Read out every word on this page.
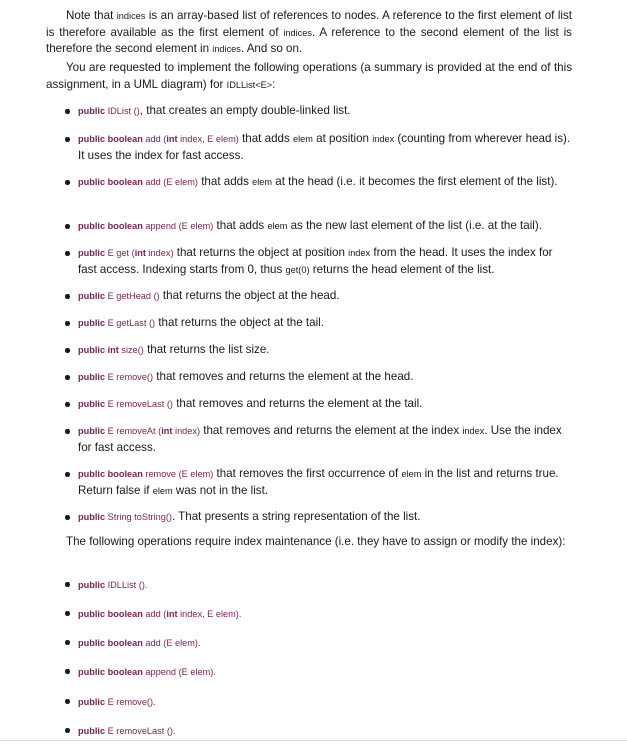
Note that indices is an array-based list of references to nodes. A reference to the first element of list is therefore available as the first element of indices. A reference to the second element of the list is therefore the second element in indices. And so on.
You are requested to implement the following operations (a summary is provided at the end of this assignment, in a UML diagram) for IDLList<E>:
public IDList (), that creates an empty double-linked list.
public boolean add (int index, E elem) that adds elem at position index (counting from wherever head is). It uses the index for fast access.
public boolean add (E elem) that adds elem at the head (i.e. it becomes the first element of the list).
public boolean append (E elem) that adds elem as the new last element of the list (i.e. at the tail).
public E get (int index) that returns the object at position index from the head. It uses the index for fast access. Indexing starts from 0, thus get(0) returns the head element of the list.
public E getHead () that returns the object at the head.
public E getLast () that returns the object at the tail.
public int size() that returns the list size.
public E remove() that removes and returns the element at the head.
public E removeLast () that removes and returns the element at the tail.
public E removeAt (int index) that removes and returns the element at the index index. Use the index for fast access.
public boolean remove (E elem) that removes the first occurrence of elem in the list and returns true. Return false if elem was not in the list.
public String toString(). That presents a string representation of the list.
The following operations require index maintenance (i.e. they have to assign or modify the index):
public IDLList ().
public boolean add (int index, E elem).
public boolean add (E elem).
public boolean append (E elem).
public E remove().
public E removeLast ().
